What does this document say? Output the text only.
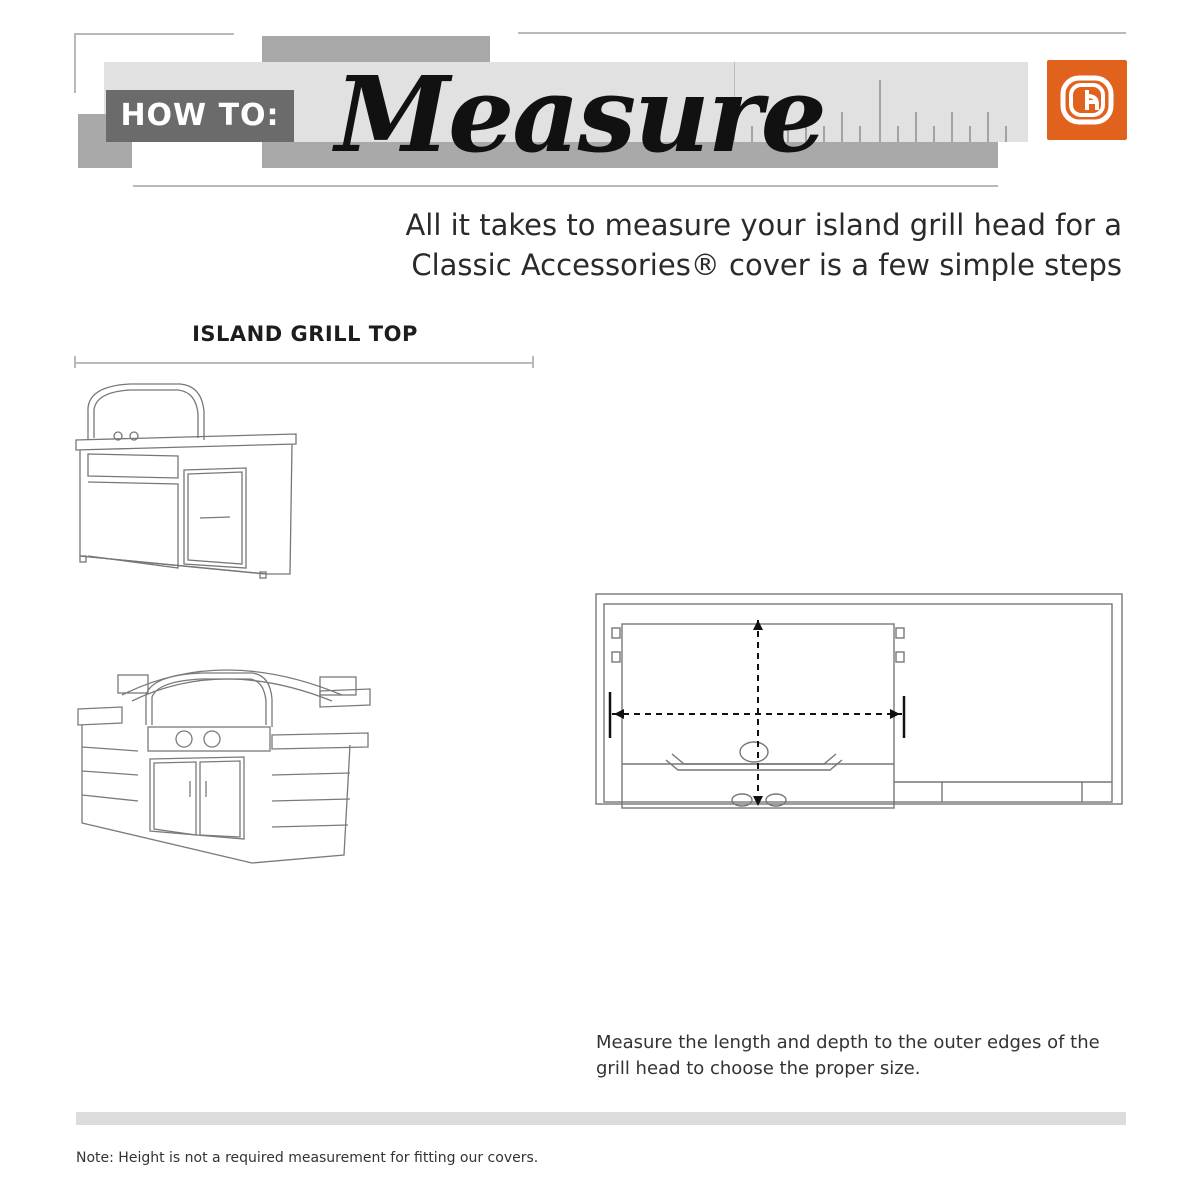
HOW TO: Measure
All it takes to measure your island grill head for a
Classic Accessories® cover is a few simple steps
ISLAND GRILL TOP
Measure the length and depth to the outer edges of the grill head to choose the proper size.
Note: Height is not a required measurement for fitting our covers.
